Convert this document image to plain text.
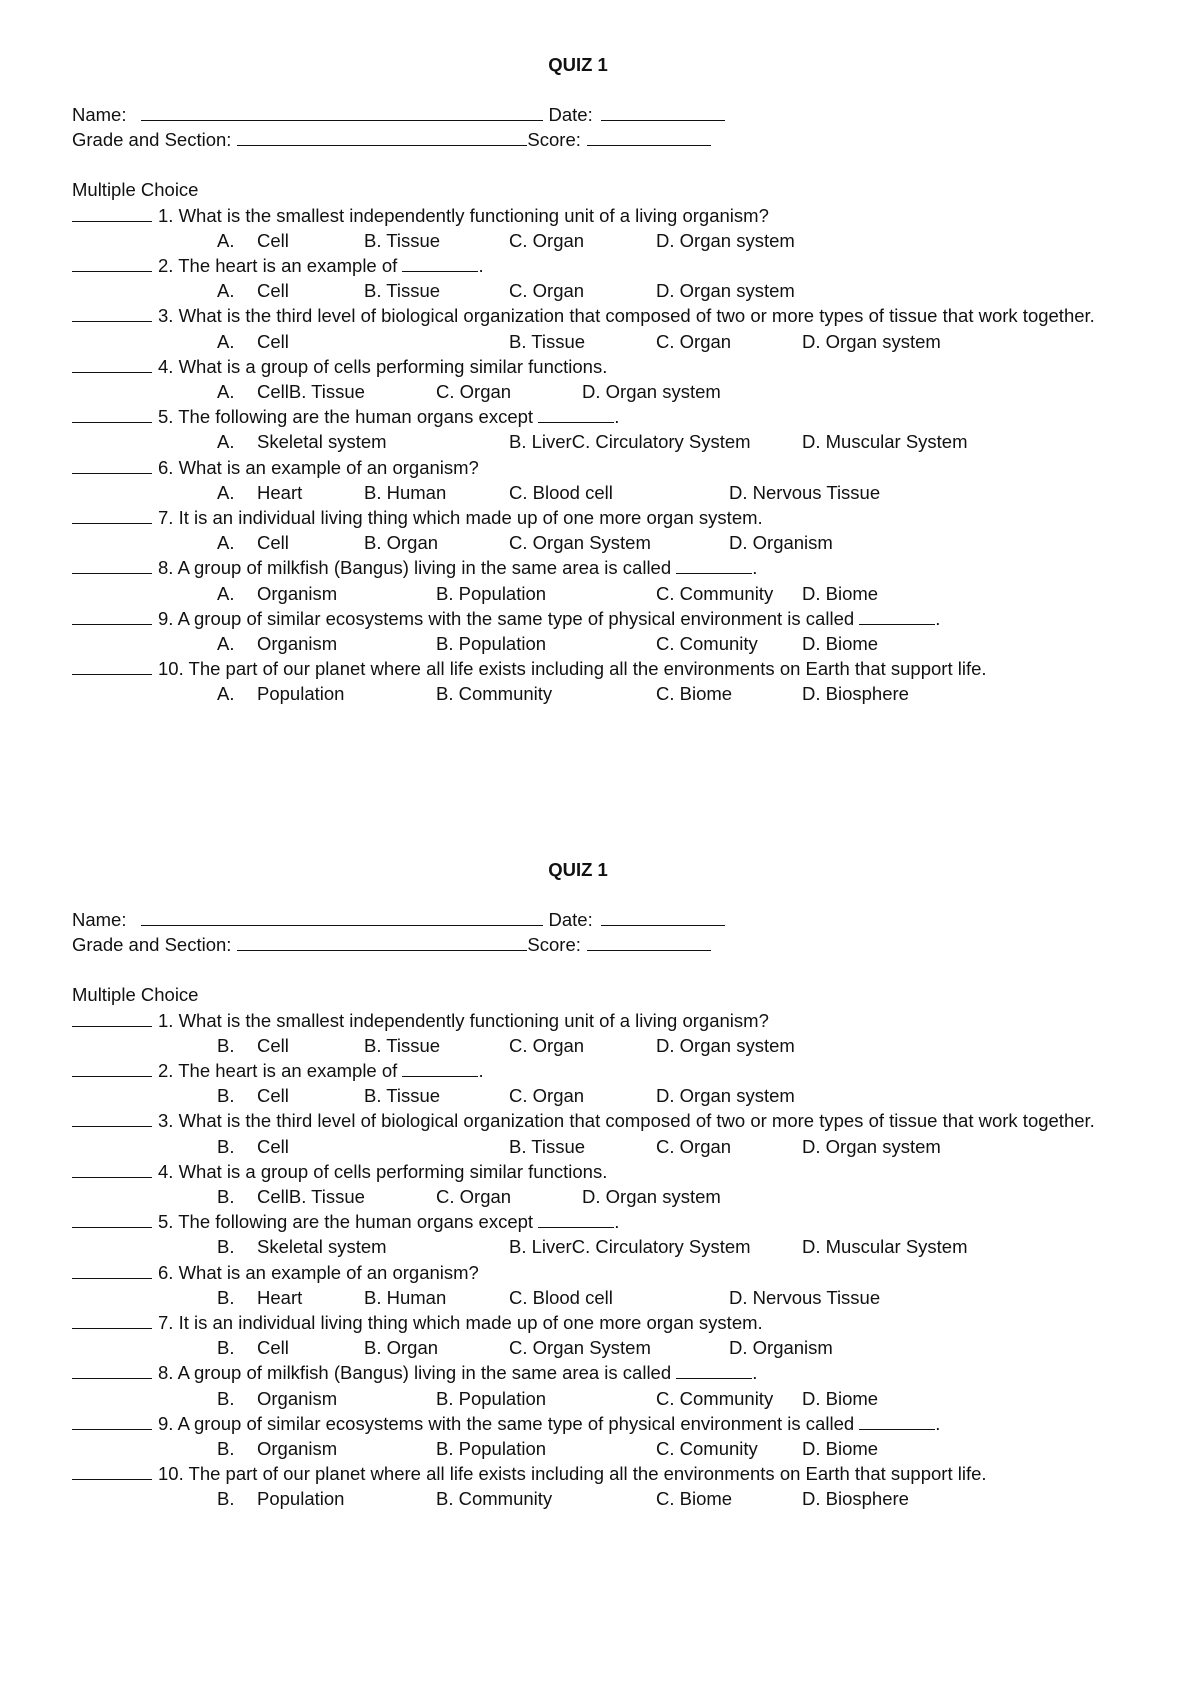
QUIZ 1
Name:	Date:
Grade and Section:	Score:
Multiple Choice
1. What is the smallest independently functioning unit of a living organism?
A. Cell	B. Tissue	C. Organ	D. Organ system
2. The heart is an example of	.
A. Cell	B. Tissue	C. Organ	D. Organ system
3. What is the third level of biological organization that composed of two or more types of tissue that work together.
A. Cell	B. Tissue	C. Organ	D. Organ system
4. What is a group of cells performing similar functions.
A. CellB. Tissue	C. Organ	D. Organ system
5. The following are the human organs except	.
A. Skeletal system	B. LiverC. Circulatory System	D. Muscular System
6. What is an example of an organism?
A. Heart	B. Human	C. Blood cell	D. Nervous Tissue
7. It is an individual living thing which made up of one more organ system.
A. Cell	B. Organ	C. Organ System	D. Organism
8. A group of milkfish (Bangus) living in the same area is called	.
A. Organism	B. Population	C. Community D. Biome
9. A group of similar ecosystems with the same type of physical environment is called	.
A. Organism	B. Population	C. Comunity D. Biome
10. The part of our planet where all life exists including all the environments on Earth that support life.
A. Population	B. Community	C. Biome	D. Biosphere
QUIZ 1
Name:	Date:
Grade and Section:	Score:
Multiple Choice
1. What is the smallest independently functioning unit of a living organism?
B. Cell	B. Tissue	C. Organ	D. Organ system
2. The heart is an example of	.
B. Cell	B. Tissue	C. Organ	D. Organ system
3. What is the third level of biological organization that composed of two or more types of tissue that work together.
B. Cell	B. Tissue	C. Organ	D. Organ system
4. What is a group of cells performing similar functions.
B. CellB. Tissue	C. Organ	D. Organ system
5. The following are the human organs except	.
B. Skeletal system	B. LiverC. Circulatory System	D. Muscular System
6. What is an example of an organism?
B. Heart	B. Human	C. Blood cell	D. Nervous Tissue
7. It is an individual living thing which made up of one more organ system.
B. Cell	B. Organ	C. Organ System	D. Organism
8. A group of milkfish (Bangus) living in the same area is called	.
B. Organism	B. Population	C. Community D. Biome
9. A group of similar ecosystems with the same type of physical environment is called	.
B. Organism	B. Population	C. Comunity D. Biome
10. The part of our planet where all life exists including all the environments on Earth that support life.
B. Population	B. Community	C. Biome	D. Biosphere
